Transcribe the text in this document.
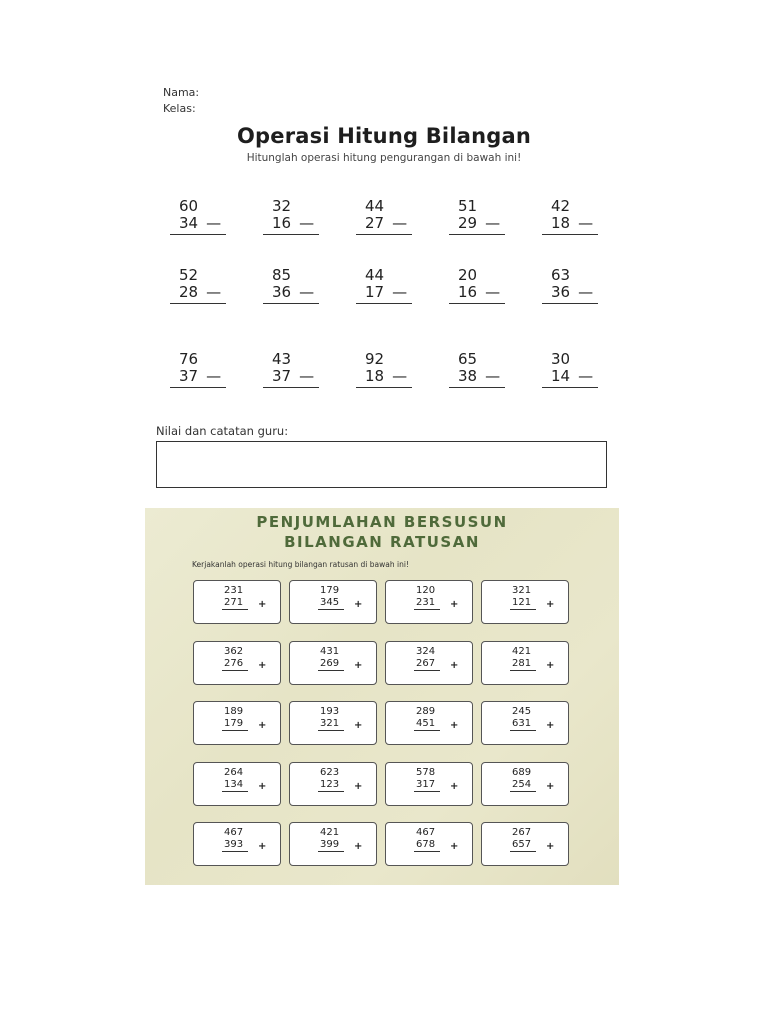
Nama:
Kelas:
Operasi Hitung Bilangan
Hitunglah operasi hitung pengurangan di bawah ini!
60
34 —
32
16 —
44
27 —
51
29 —
42
18 —
52
28 —
85
36 —
44
17 —
20
16 —
63
36 —
76
37 —
43
37 —
92
18 —
65
38 —
30
14 —
Nilai dan catatan guru:
PENJUMLAHAN BERSUSUN
BILANGAN RATUSAN
Kerjakanlah operasi hitung bilangan ratusan di bawah ini!
231
271 +
179
345 +
120
231 +
321
121 +
362
276 +
431
269 +
324
267 +
421
281 +
189
179 +
193
321 +
289
451 +
245
631 +
264
134 +
623
123 +
578
317 +
689
254 +
467
393 +
421
399 +
467
678 +
267
657 +
